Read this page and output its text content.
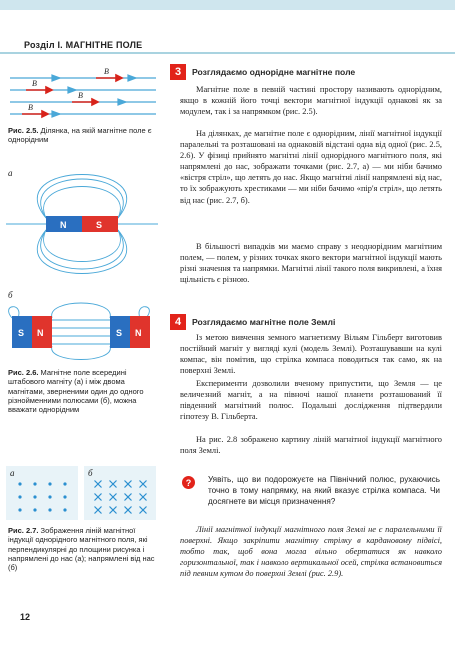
Розділ І. МАГНІТНЕ ПОЛЕ
B
B
B
B
Рис. 2.5. Ділянка, на якій магнітне поле є однорідним
а
N	S
б
S N	S N
Рис. 2.6. Магнітне поле всередині штабового магніту (а) і між двома магнітами, зверненими один до одного різнойменними полюсами (б), можна вважати однорідним
а	б
Рис. 2.7. Зображення ліній магнітної індукції однорідного магнітного поля, які перпендикулярні до площини рисунка і напрямлені до нас (а); напрямлені від нас (б)
3	Розглядаємо однорідне магнітне поле

Магнітне поле в певній частині простору називають однорідним, якщо в кожній його точці вектори магнітної індукції однакові як за модулем, так і за напрямком (рис. 2.5).

На ділянках, де магнітне поле є однорідним, лінії магнітної індукції паралельні та розташовані на однаковій відстані одна від одної (рис. 2.5, 2.6). У фізиці прийнято магнітні лінії однорідного магнітного поля, які напрямлені до нас, зображати точками (рис. 2.7, а) — ми ніби бачимо «вістря стріл», що летять до нас. Якщо магнітні лінії напрямлені від нас, то їх зображують хрестиками — ми ніби бачимо «пір'я стріл», що летять від нас (рис. 2.7, б).

В більшості випадків ми маємо справу з неоднорідним магнітним полем, — полем, у різних точках якого вектори магнітної індукції мають різні значення та напрямки. Магнітні лінії такого поля викривлені, а їхня щільність є різною.

4	Розглядаємо магнітне поле Землі

Із метою вивчення земного магнетизму Вільям Гільберт виготовив постійний магніт у вигляді кулі (модель Землі). Розташувавши на кулі компас, він помітив, що стрілка компаса поводиться так само, як на поверхні Землі.

Експерименти дозволили вченому припустити, що Земля — це величезний магніт, а на півночі нашої планети розташований її південний магнітний полюс. Подальші дослідження підтвердили гіпотезу В. Гільберта.

На рис. 2.8 зображено картину ліній магнітної індукції магнітного поля Землі.

?	Уявіть, що ви подорожуєте на Північний полюс, рухаючись точно в тому напрямку, на який вказує стрілка компаса. Чи досягнете ви місця призначення?

Лінії магнітної індукції магнітного поля Землі не є паралельними її поверхні. Якщо закріпити магнітну стрілку в кардановому підвісі, тобто так, щоб вона могла вільно обертатися як навколо горизонтальної, так і навколо вертикальної осей, стрілка встановиться під певним кутом до поверхні Землі (рис. 2.9).

12
